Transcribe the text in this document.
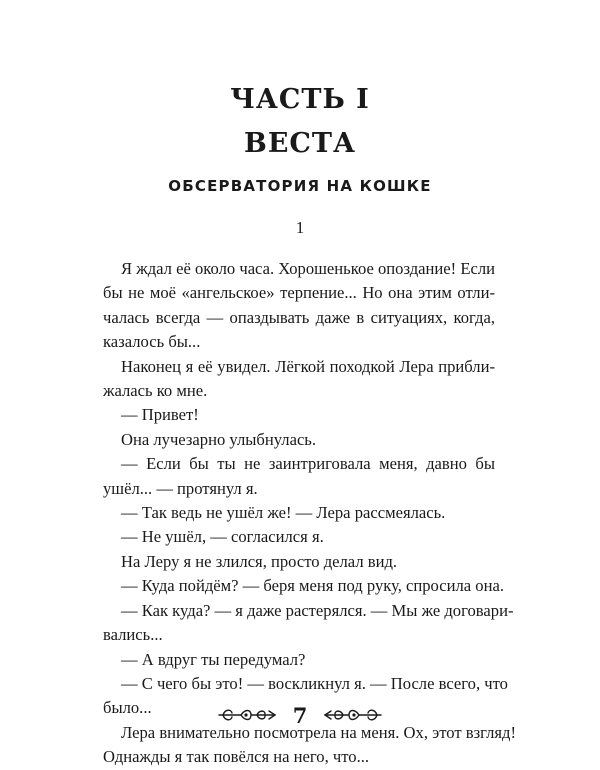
ЧАСТЬ I
ВЕСТА
ОБСЕРВАТОРИЯ НА КОШКЕ
1
Я ждал её около часа. Хорошенькое опоздание! Если
бы не моё «ангельское» терпение... Но она этим отли-
чалась всегда — опаздывать даже в ситуациях, когда,
казалось бы...
Наконец я её увидел. Лёгкой походкой Лера прибли-
жалась ко мне.
— Привет!
Она лучезарно улыбнулась.
— Если бы ты не заинтриговала меня, давно бы
ушёл... — протянул я.
— Так ведь не ушёл же! — Лера рассмеялась.
— Не ушёл, — согласился я.
На Леру я не злился, просто делал вид.
— Куда пойдём? — беря меня под руку, спросила она.
— Как куда? — я даже растерялся. — Мы же договари-
вались...
— А вдруг ты передумал?
— С чего бы это! — воскликнул я. — После всего, что
было...
Лера внимательно посмотрела на меня. Ох, этот взгляд!
Однажды я так повёлся на него, что...
7
